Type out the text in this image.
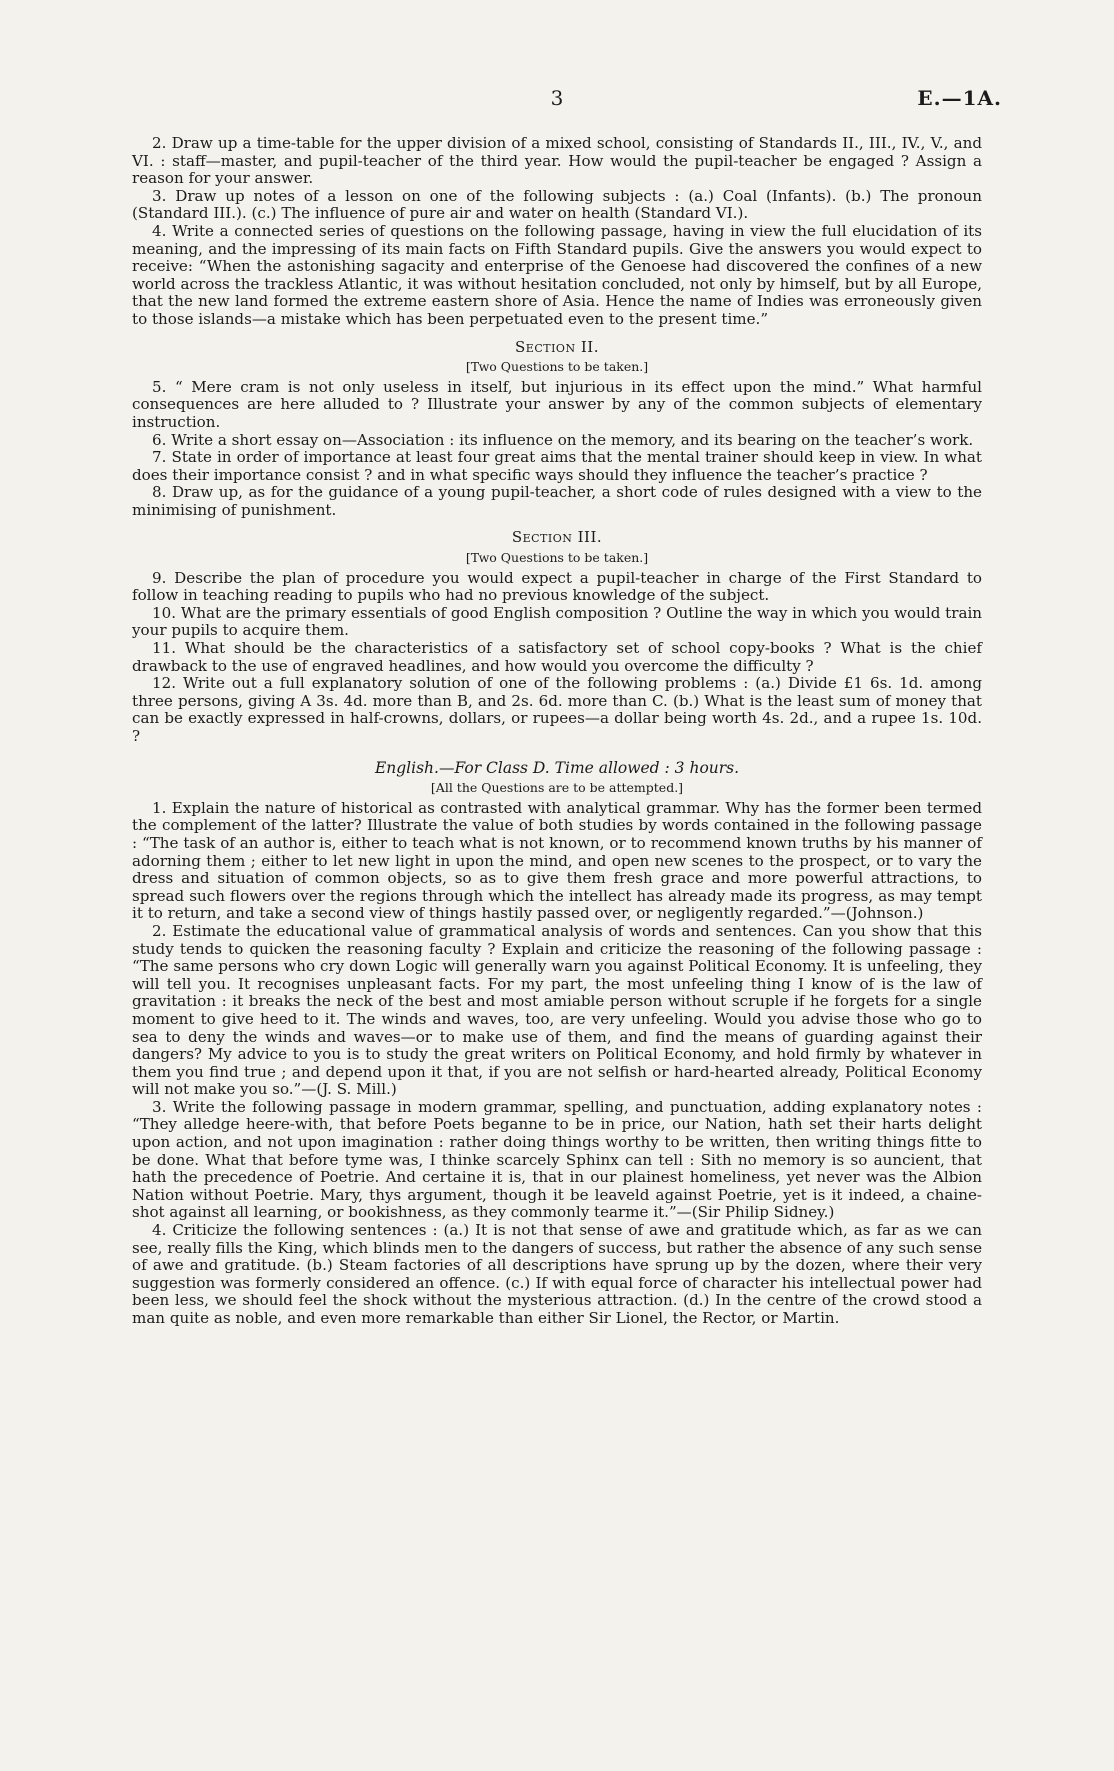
3	E.—1A.

2. Draw up a time-table for the upper division of a mixed school, consisting of Standards II., III., IV., V., and VI. : staff—master, and pupil-teacher of the third year. How would the pupil-teacher be engaged ? Assign a reason for your answer.

3. Draw up notes of a lesson on one of the following subjects : (a.) Coal (Infants). (b.) The pronoun (Standard III.). (c.) The influence of pure air and water on health (Standard VI.).

4. Write a connected series of questions on the following passage, having in view the full elucidation of its meaning, and the impressing of its main facts on Fifth Standard pupils. Give the answers you would expect to receive: “When the astonishing sagacity and enterprise of the Genoese had discovered the confines of a new world across the trackless Atlantic, it was without hesitation concluded, not only by himself, but by all Europe, that the new land formed the extreme eastern shore of Asia. Hence the name of Indies was erroneously given to those islands—a mistake which has been perpetuated even to the present time.”

Section II.
[Two Questions to be taken.]

5. “ Mere cram is not only useless in itself, but injurious in its effect upon the mind.” What harmful consequences are here alluded to ? Illustrate your answer by any of the common subjects of elementary instruction.

6. Write a short essay on—Association : its influence on the memory, and its bearing on the teacher’s work.

7. State in order of importance at least four great aims that the mental trainer should keep in view. In what does their importance consist ? and in what specific ways should they influence the teacher’s practice ?

8. Draw up, as for the guidance of a young pupil-teacher, a short code of rules designed with a view to the minimising of punishment.

Section III.
[Two Questions to be taken.]

9. Describe the plan of procedure you would expect a pupil-teacher in charge of the First Standard to follow in teaching reading to pupils who had no previous knowledge of the subject.

10. What are the primary essentials of good English composition ? Outline the way in which you would train your pupils to acquire them.

11. What should be the characteristics of a satisfactory set of school copy-books ? What is the chief drawback to the use of engraved headlines, and how would you overcome the difficulty ?

12. Write out a full explanatory solution of one of the following problems : (a.) Divide £1 6s. 1d. among three persons, giving A 3s. 4d. more than B, and 2s. 6d. more than C. (b.) What is the least sum of money that can be exactly expressed in half-crowns, dollars, or rupees—a dollar being worth 4s. 2d., and a rupee 1s. 10d. ?

English.—For Class D. Time allowed : 3 hours.
[All the Questions are to be attempted.]

1. Explain the nature of historical as contrasted with analytical grammar. Why has the former been termed the complement of the latter? Illustrate the value of both studies by words contained in the following passage : “The task of an author is, either to teach what is not known, or to recommend known truths by his manner of adorning them ; either to let new light in upon the mind, and open new scenes to the prospect, or to vary the dress and situation of common objects, so as to give them fresh grace and more powerful attractions, to spread such flowers over the regions through which the intellect has already made its progress, as may tempt it to return, and take a second view of things hastily passed over, or negligently regarded.”—(Johnson.)

2. Estimate the educational value of grammatical analysis of words and sentences. Can you show that this study tends to quicken the reasoning faculty ? Explain and criticize the reasoning of the following passage : “The same persons who cry down Logic will generally warn you against Political Economy. It is unfeeling, they will tell you. It recognises unpleasant facts. For my part, the most unfeeling thing I know of is the law of gravitation : it breaks the neck of the best and most amiable person without scruple if he forgets for a single moment to give heed to it. The winds and waves, too, are very unfeeling. Would you advise those who go to sea to deny the winds and waves—or to make use of them, and find the means of guarding against their dangers? My advice to you is to study the great writers on Political Economy, and hold firmly by whatever in them you find true ; and depend upon it that, if you are not selfish or hard-hearted already, Political Economy will not make you so.”—(J. S. Mill.)

3. Write the following passage in modern grammar, spelling, and punctuation, adding explanatory notes : “They alledge heere-with, that before Poets beganne to be in price, our Nation, hath set their harts delight upon action, and not upon imagination : rather doing things worthy to be written, then writing things fitte to be done. What that before tyme was, I thinke scarcely Sphinx can tell : Sith no memory is so auncient, that hath the precedence of Poetrie. And certaine it is, that in our plainest homeliness, yet never was the Albion Nation without Poetrie. Mary, thys argument, though it be leaveld against Poetrie, yet is it indeed, a chaine-shot against all learning, or bookishness, as they commonly tearme it.”—(Sir Philip Sidney.)

4. Criticize the following sentences : (a.) It is not that sense of awe and gratitude which, as far as we can see, really fills the King, which blinds men to the dangers of success, but rather the absence of any such sense of awe and gratitude. (b.) Steam factories of all descriptions have sprung up by the dozen, where their very suggestion was formerly considered an offence. (c.) If with equal force of character his intellectual power had been less, we should feel the shock without the mysterious attraction. (d.) In the centre of the crowd stood a man quite as noble, and even more remarkable than either Sir Lionel, the Rector, or Martin.
